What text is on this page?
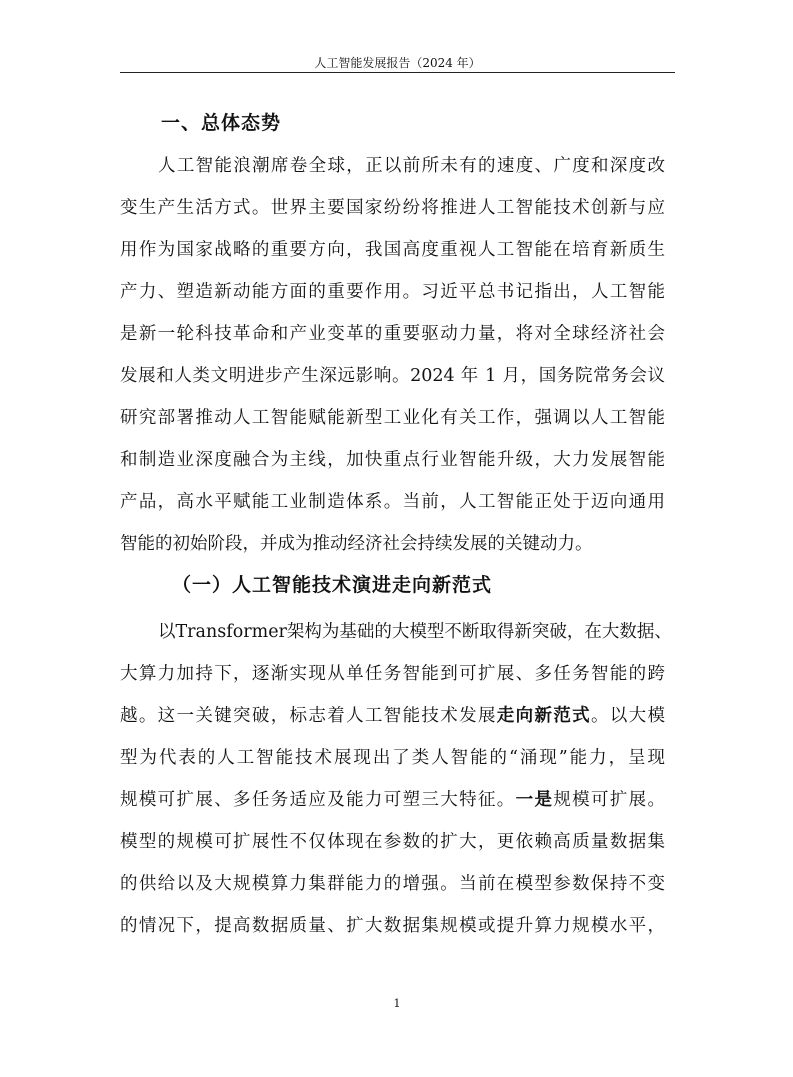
人工智能发展报告（2024 年）
一、总体态势
人工智能浪潮席卷全球，正以前所未有的速度、广度和深度改
变生产生活方式。世界主要国家纷纷将推进人工智能技术创新与应
用作为国家战略的重要方向，我国高度重视人工智能在培育新质生
产力、塑造新动能方面的重要作用。习近平总书记指出，人工智能
是新一轮科技革命和产业变革的重要驱动力量，将对全球经济社会
发展和人类文明进步产生深远影响。2024 年 1 月，国务院常务会议
研究部署推动人工智能赋能新型工业化有关工作，强调以人工智能
和制造业深度融合为主线，加快重点行业智能升级，大力发展智能
产品，高水平赋能工业制造体系。当前，人工智能正处于迈向通用
智能的初始阶段，并成为推动经济社会持续发展的关键动力。
（一）人工智能技术演进走向新范式
以Transformer架构为基础的大模型不断取得新突破，在大数据、
大算力加持下，逐渐实现从单任务智能到可扩展、多任务智能的跨
越。这一关键突破，标志着人工智能技术发展走向新范式。以大模
型为代表的人工智能技术展现出了类人智能的“涌现”能力，呈现
规模可扩展、多任务适应及能力可塑三大特征。一是规模可扩展。
模型的规模可扩展性不仅体现在参数的扩大，更依赖高质量数据集
的供给以及大规模算力集群能力的增强。当前在模型参数保持不变
的情况下，提高数据质量、扩大数据集规模或提升算力规模水平，
1
